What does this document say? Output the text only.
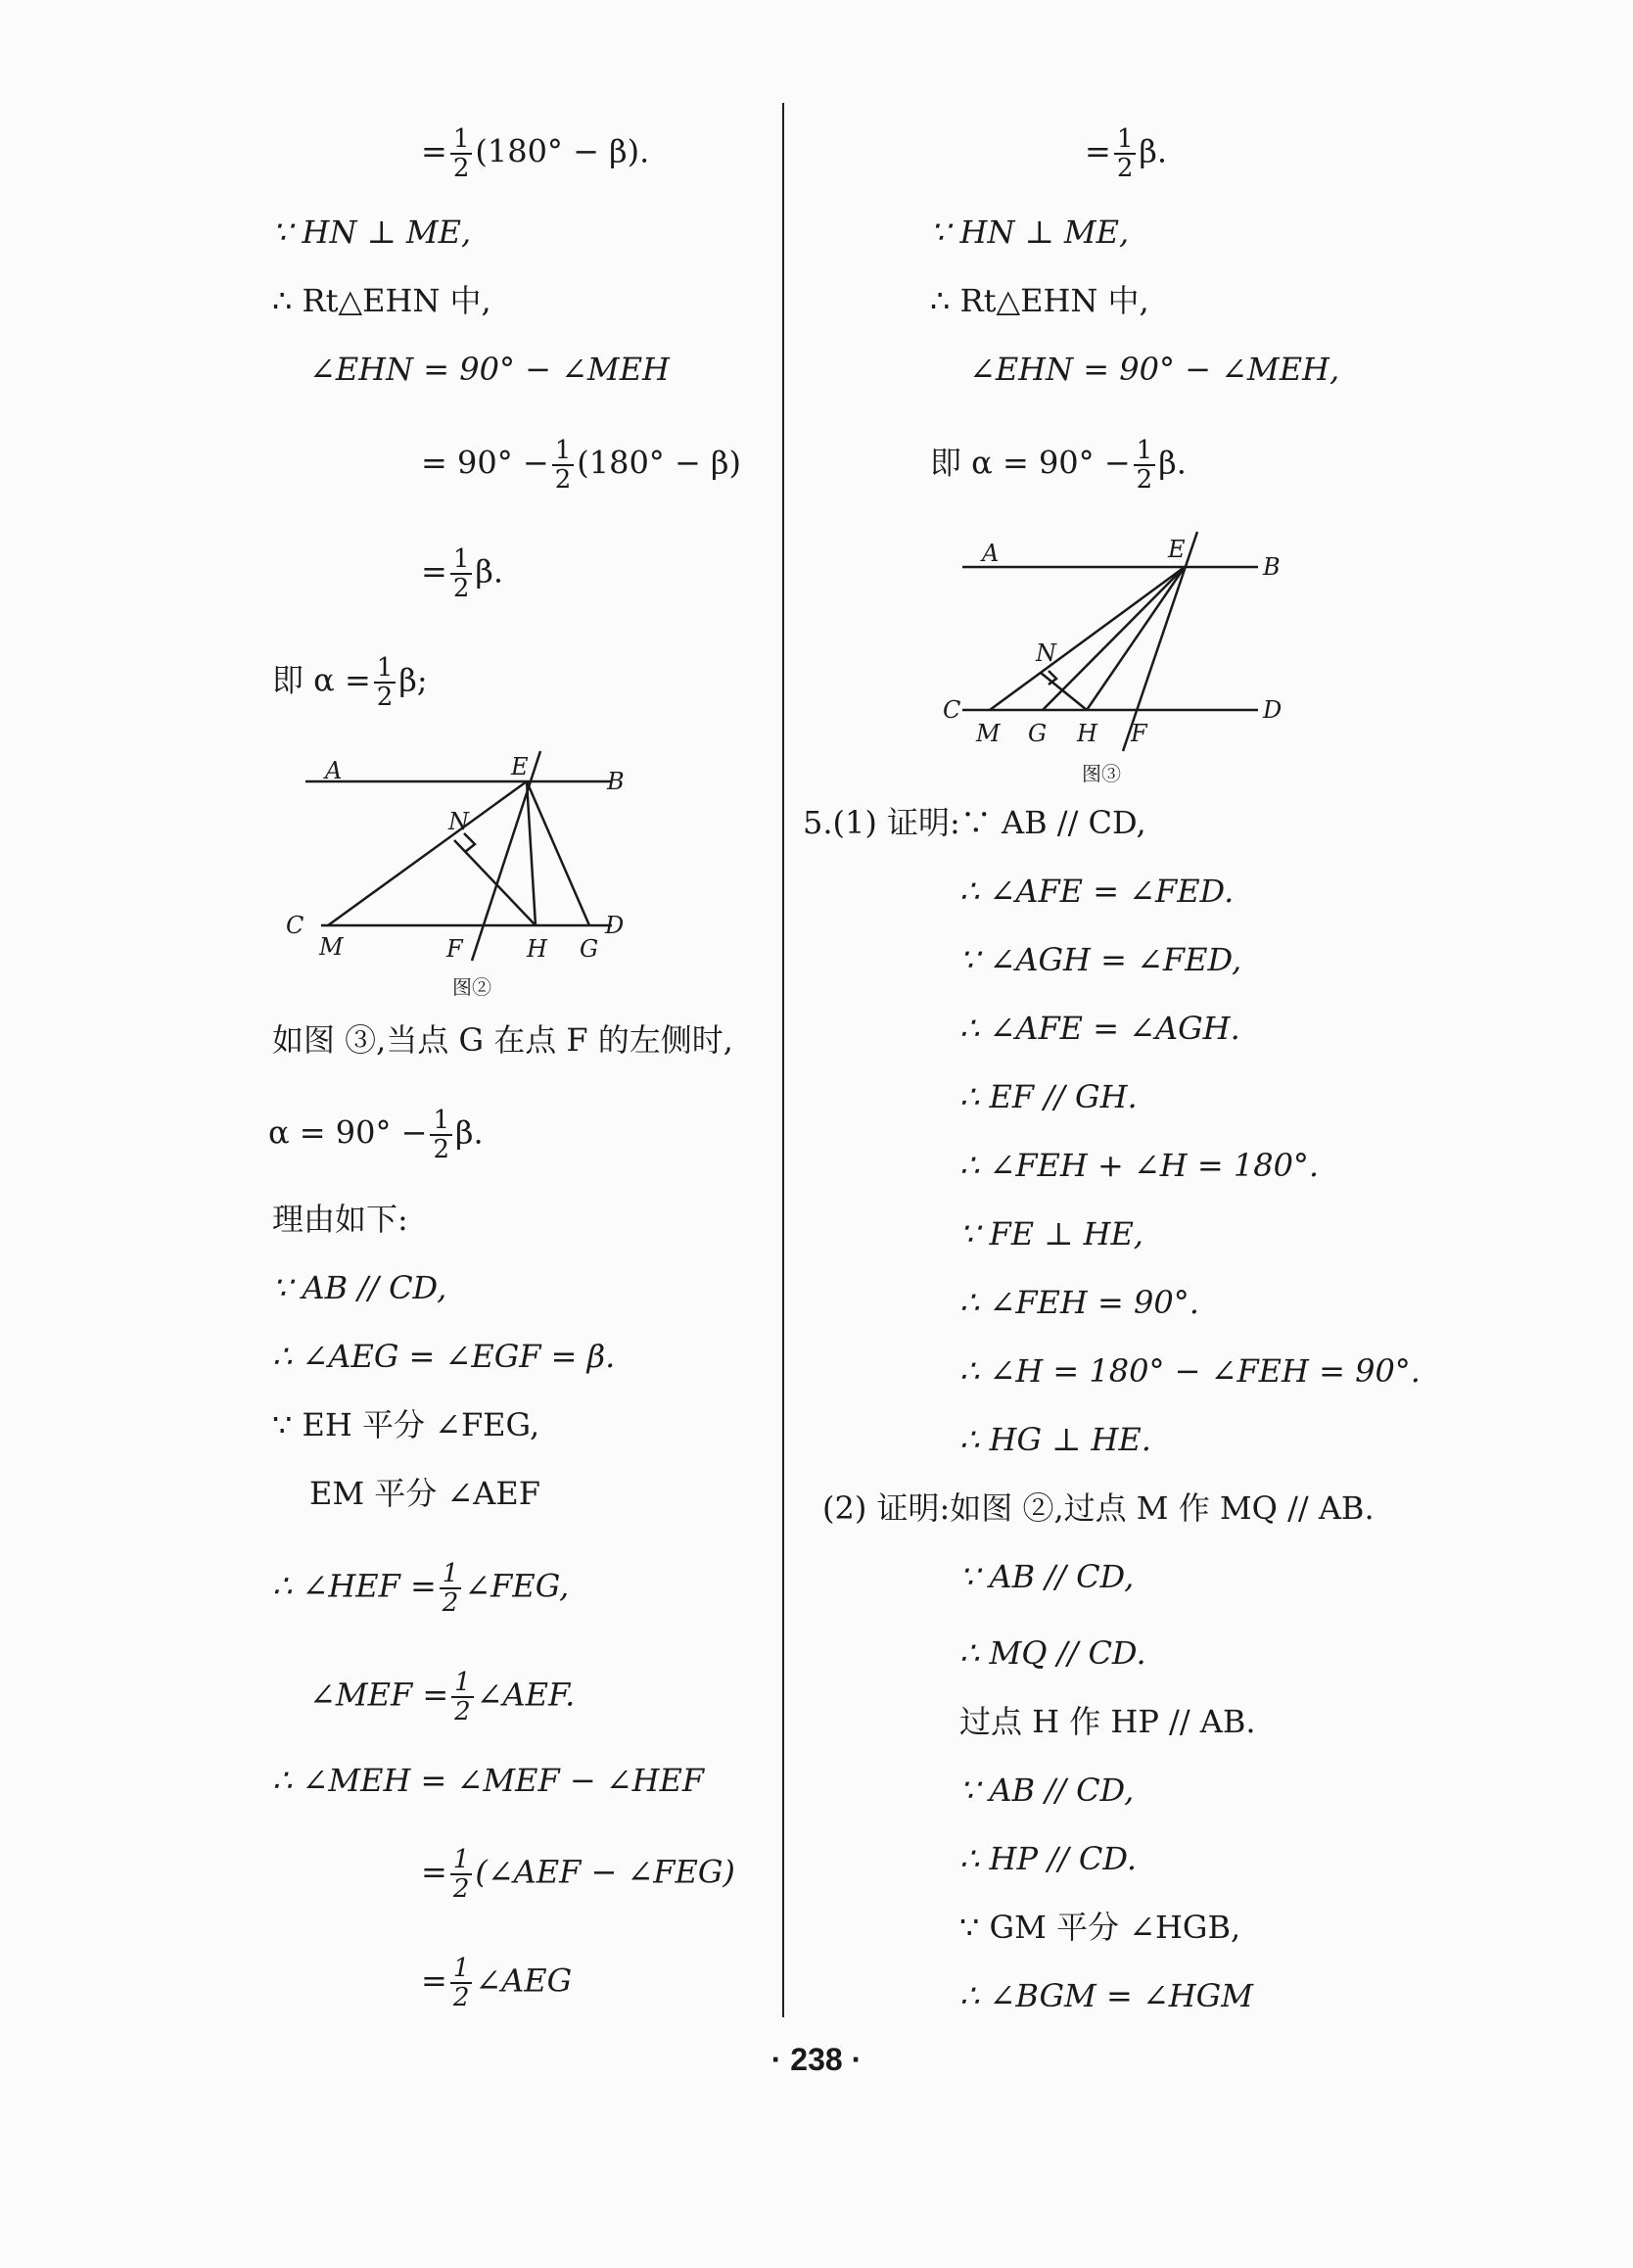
= $\frac{1}{2} (180^\circ - \beta)$.
∵ HN ⊥ ME,
∴ Rt△EHN 中,
∠EHN = 90° − ∠MEH
= $90^\circ - \frac{1}{2} (180^\circ - \beta)$
= $\frac{1}{2} \beta$.
即 $\alpha = \frac{1}{2} \beta$;
A	B
E
N
C
M	F	H G
D
图②
如图 ③,当点 G 在点 F 的左侧时,
$\alpha = 90^\circ - \frac{1}{2} \beta$.
理由如下:
∵ AB // CD,
∴ ∠AEG = ∠EGF = β.
∵ EH 平分 ∠FEG,
EM 平分 ∠AEF
∴ ∠HEF = $\frac{1}{2}$ ∠FEG,
∠MEF = $\frac{1}{2}$ ∠AEF.
∴ ∠MEH = ∠MEF − ∠HEF
= $\frac{1}{2}$ (∠AEF − ∠FEG)
= $\frac{1}{2}$ ∠AEG
= $\frac{1}{2} \beta$.
∵ HN ⊥ ME,
∴ Rt△EHN 中,
∠EHN = 90° − ∠MEH,
即 $\alpha = 90^\circ - \frac{1}{2} \beta$.
A	B
E
N
C
M G H F
D
图③
5.(1) 证明:∵ AB // CD,
∴ ∠AFE = ∠FED.
∵ ∠AGH = ∠FED,
∴ ∠AFE = ∠AGH.
∴ EF // GH.
∴ ∠FEH + ∠H = 180°.
∵ FE ⊥ HE,
∴ ∠FEH = 90°.
∴ ∠H = 180° − ∠FEH = 90°.
∴ HG ⊥ HE.
(2) 证明:如图 ②,过点 M 作 MQ // AB.
∵ AB // CD,
∴ MQ // CD.
过点 H 作 HP // AB.
∵ AB // CD,
∴ HP // CD.
∵ GM 平分 ∠HGB,
∴ ∠BGM = ∠HGM
· 238 ·
